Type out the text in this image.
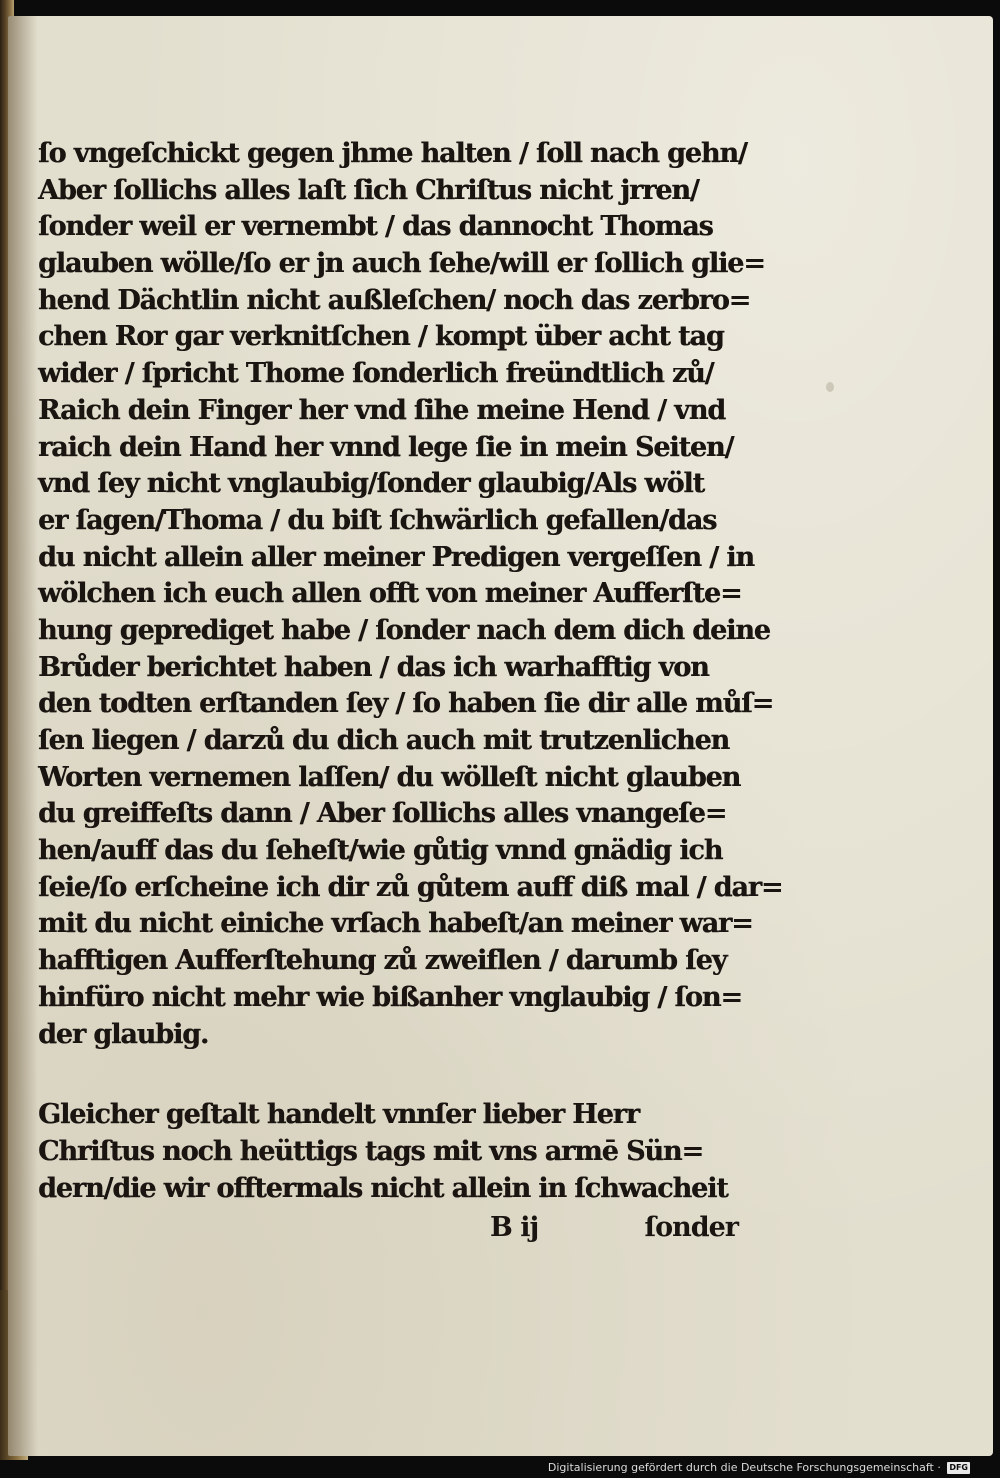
ſo vngeſchickt gegen jhme halten / ſoll nach gehn/
Aber ſollichs alles laſt ſich Chriſtus nicht jrren/
ſonder weil er vernembt / das dannocht Thomas
glauben wölle/ſo er jn auch ſehe/will er ſollich glie=
hend Dächtlin nicht außleſchen/ noch das zerbro=
chen Ror gar verknitſchen / kompt über acht tag
wider / ſpricht Thome ſonderlich freündtlich zů/
Raich dein Finger her vnd ſihe meine Hend / vnd
raich dein Hand her vnnd lege ſie in mein Seiten/
vnd ſey nicht vnglaubig/ſonder glaubig/Als wölt
er ſagen/Thoma / du biſt ſchwärlich gefallen/das
du nicht allein aller meiner Predigen vergeſſen / in
wölchen ich euch allen offt von meiner Aufferſte=
hung geprediget habe / ſonder nach dem dich deine
Brůder berichtet haben / das ich warhafftig von
den todten erſtanden ſey / ſo haben ſie dir alle můſ=
ſen liegen / darzů du dich auch mit trutzenlichen
Worten vernemen laſſen/ du wölleſt nicht glauben
du greiffeſts dann / Aber ſollichs alles vnangeſe=
hen/auff das du ſeheſt/wie gůtig vnnd gnädig ich
ſeie/ſo erſcheine ich dir zů gůtem auff diß mal / dar=
mit du nicht einiche vrſach habeſt/an meiner war=
hafftigen Aufferſtehung zů zweiflen / darumb ſey
hinfüro nicht mehr wie bißanher vnglaubig / ſon=
der glaubig.
Gleicher geſtalt handelt vnnſer lieber Herr
Chriſtus noch heüttigs tags mit vns armē Sün=
dern/die wir offtermals nicht allein in ſchwacheit
B ij	ſonder
Digitalisierung gefördert durch die Deutsche Forschungsgemeinschaft · DFG
